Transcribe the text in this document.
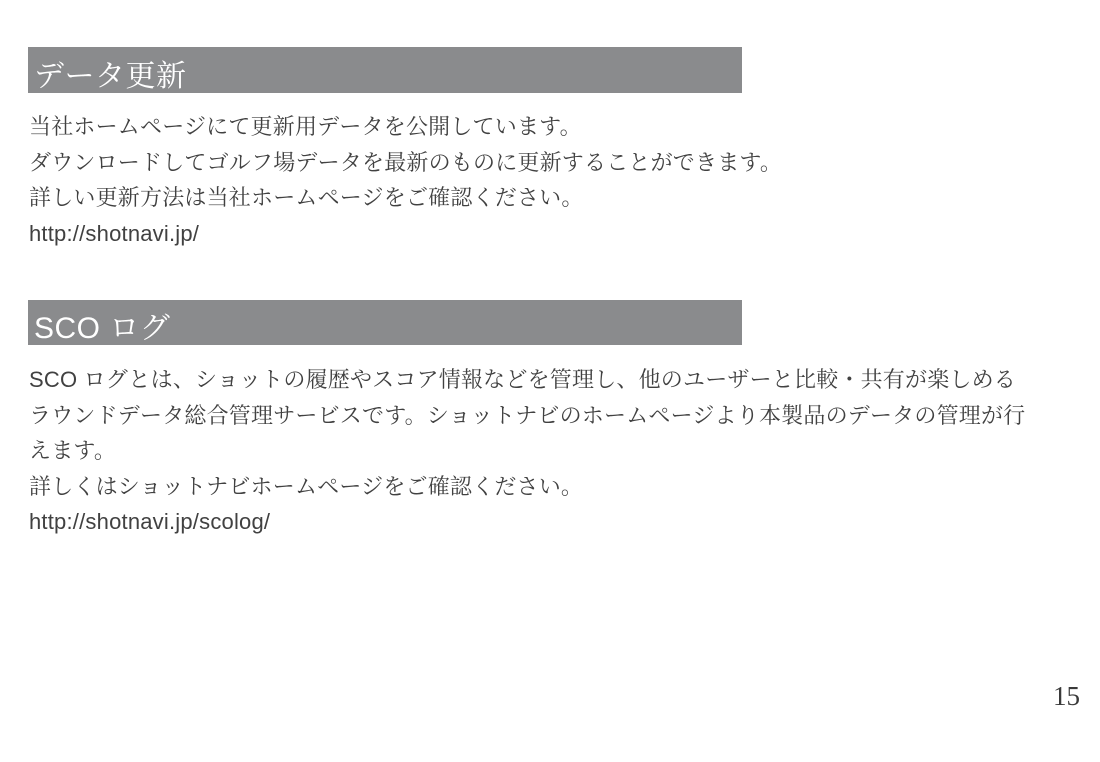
データ更新
当社ホームページにて更新用データを公開しています。
ダウンロードしてゴルフ場データを最新のものに更新することができます。
詳しい更新方法は当社ホームページをご確認ください。
http://shotnavi.jp/
SCO ログ
SCO ログとは、ショットの履歴やスコア情報などを管理し、他のユーザーと比較・共有が楽しめる
ラウンドデータ総合管理サービスです。ショットナビのホームページより本製品のデータの管理が行
えます。
詳しくはショットナビホームページをご確認ください。
http://shotnavi.jp/scolog/
15
